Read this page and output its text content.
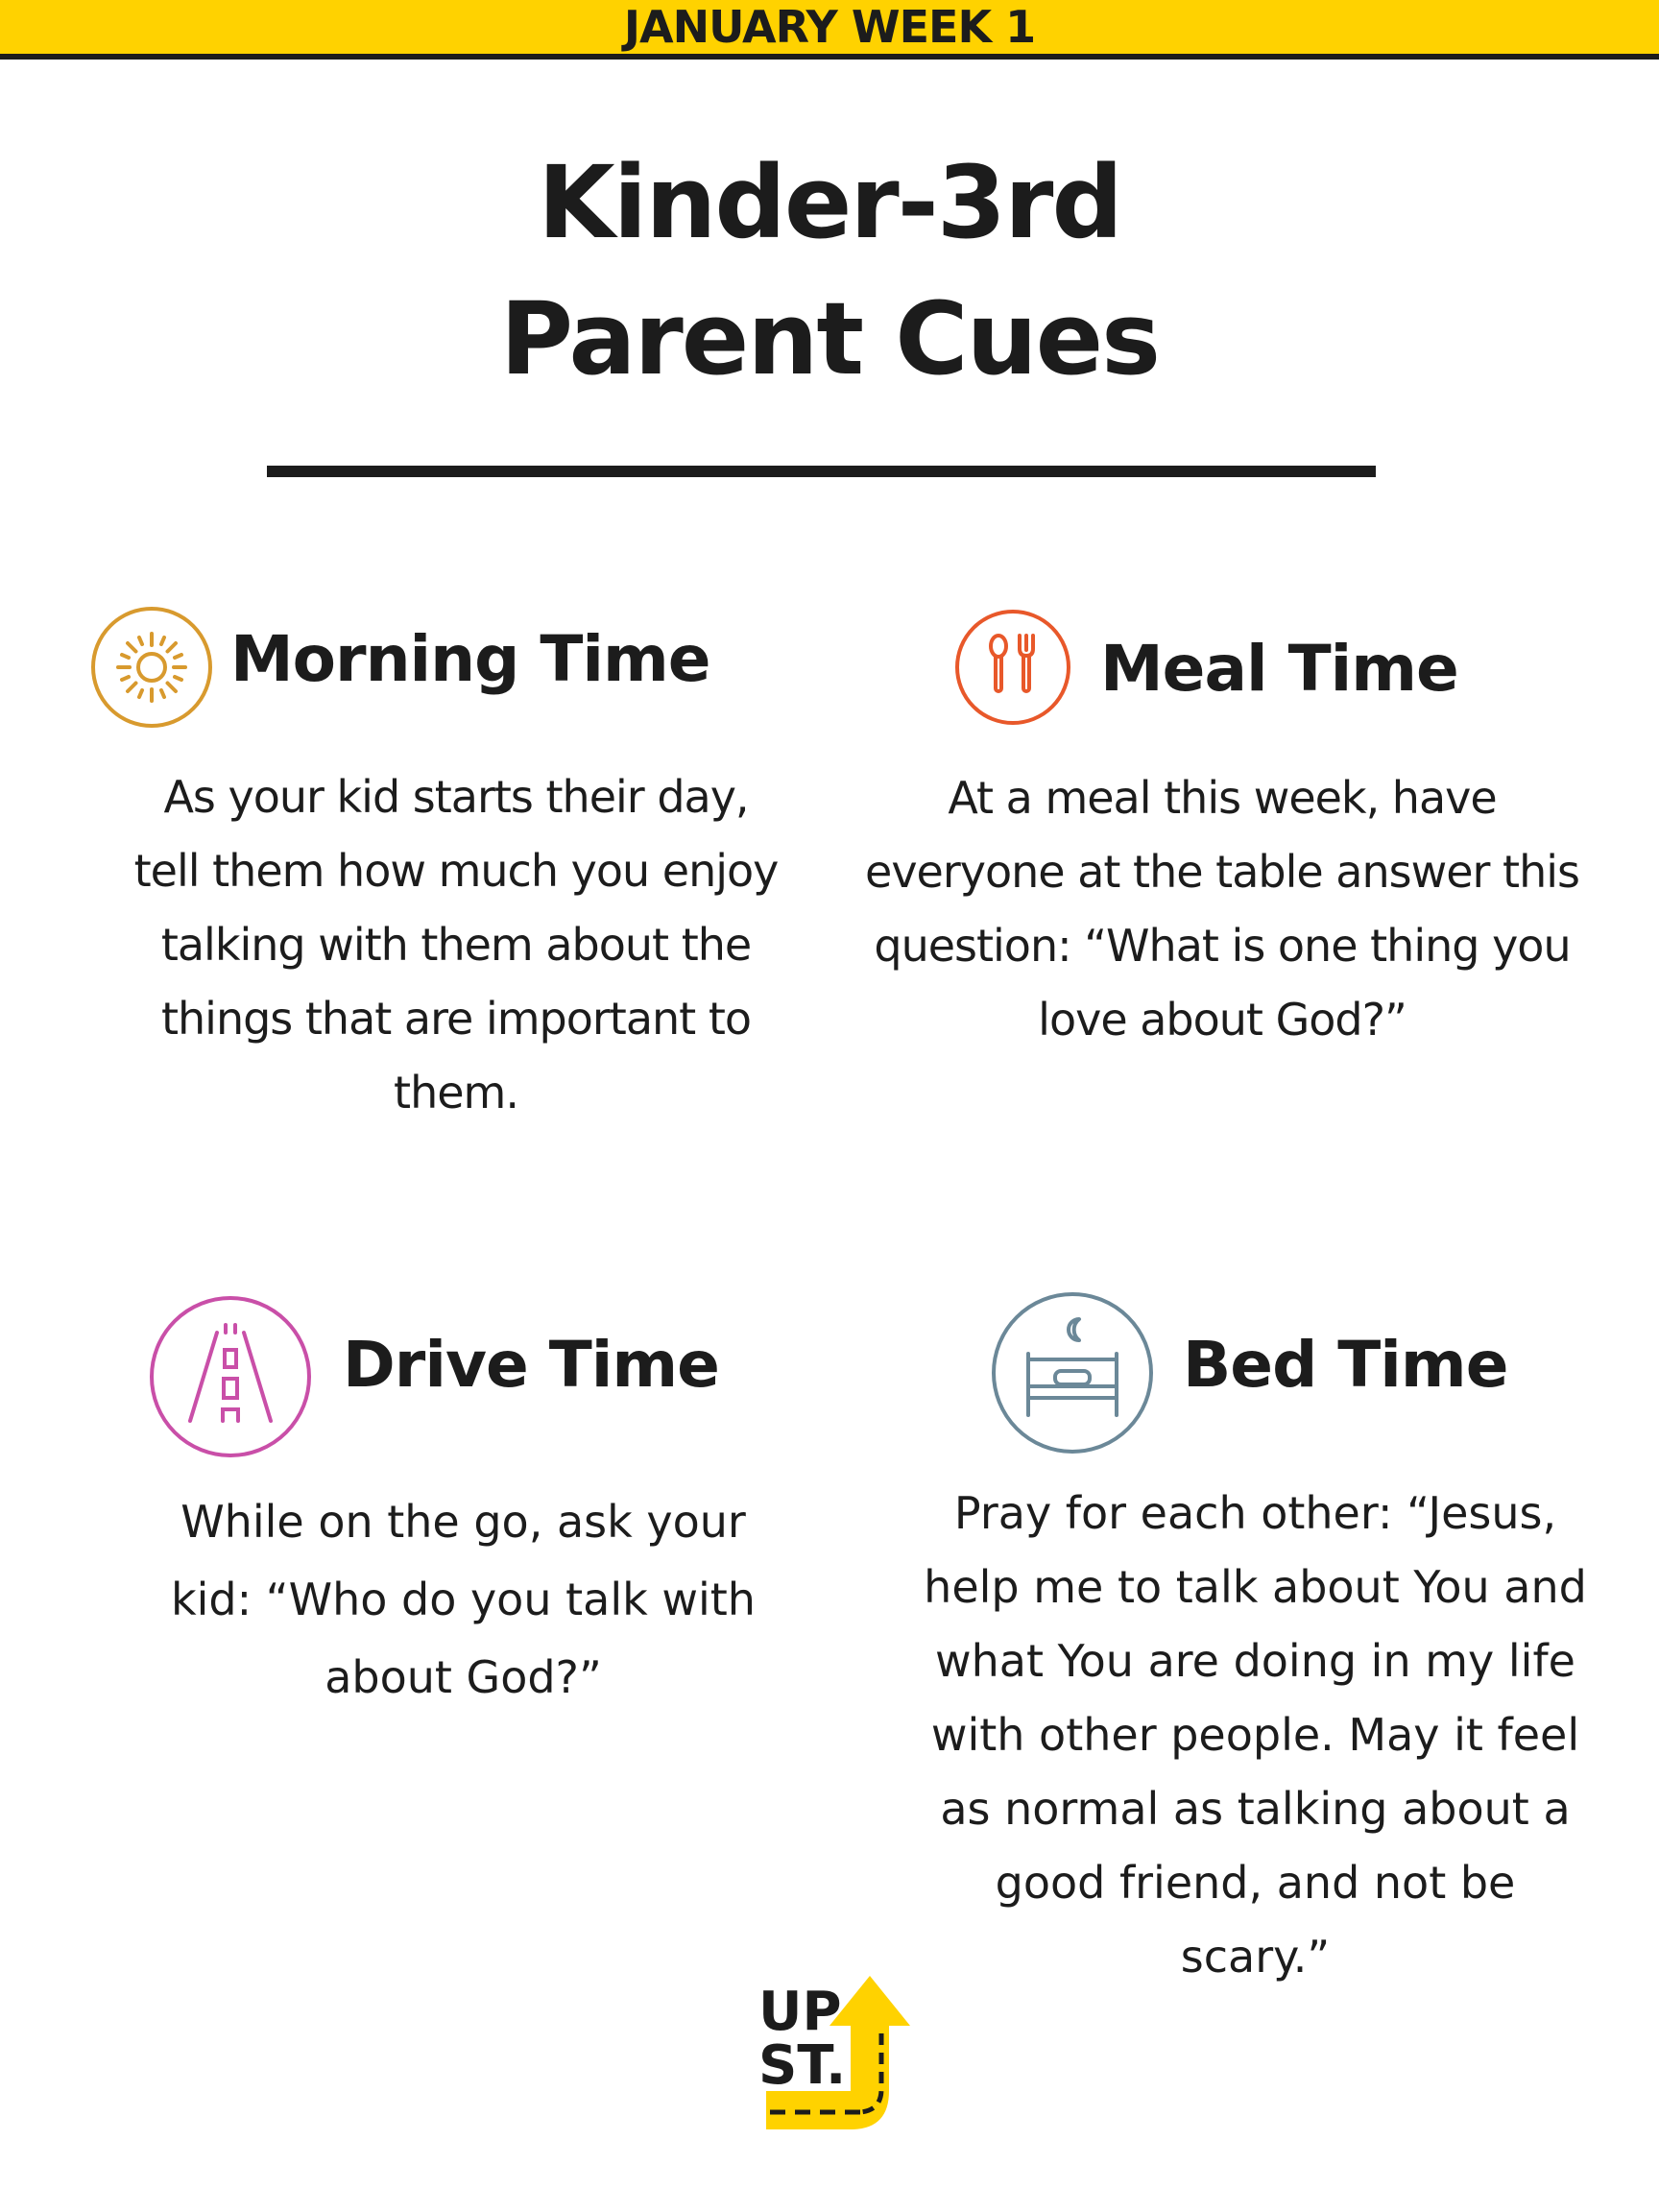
JANUARY WEEK 1
Kinder-3rd
Parent Cues
Morning Time
As your kid starts their day,
tell them how much you enjoy
talking with them about the
things that are important to
them.
Meal Time
At a meal this week, have
everyone at the table answer this
question: “What is one thing you
love about God?”
Drive Time
While on the go, ask your
kid: “Who do you talk with
about God?”
Bed Time
Pray for each other: “Jesus,
help me to talk about You and
what You are doing in my life
with other people. May it feel
as normal as talking about a
good friend, and not be
scary.”
UP
ST.
